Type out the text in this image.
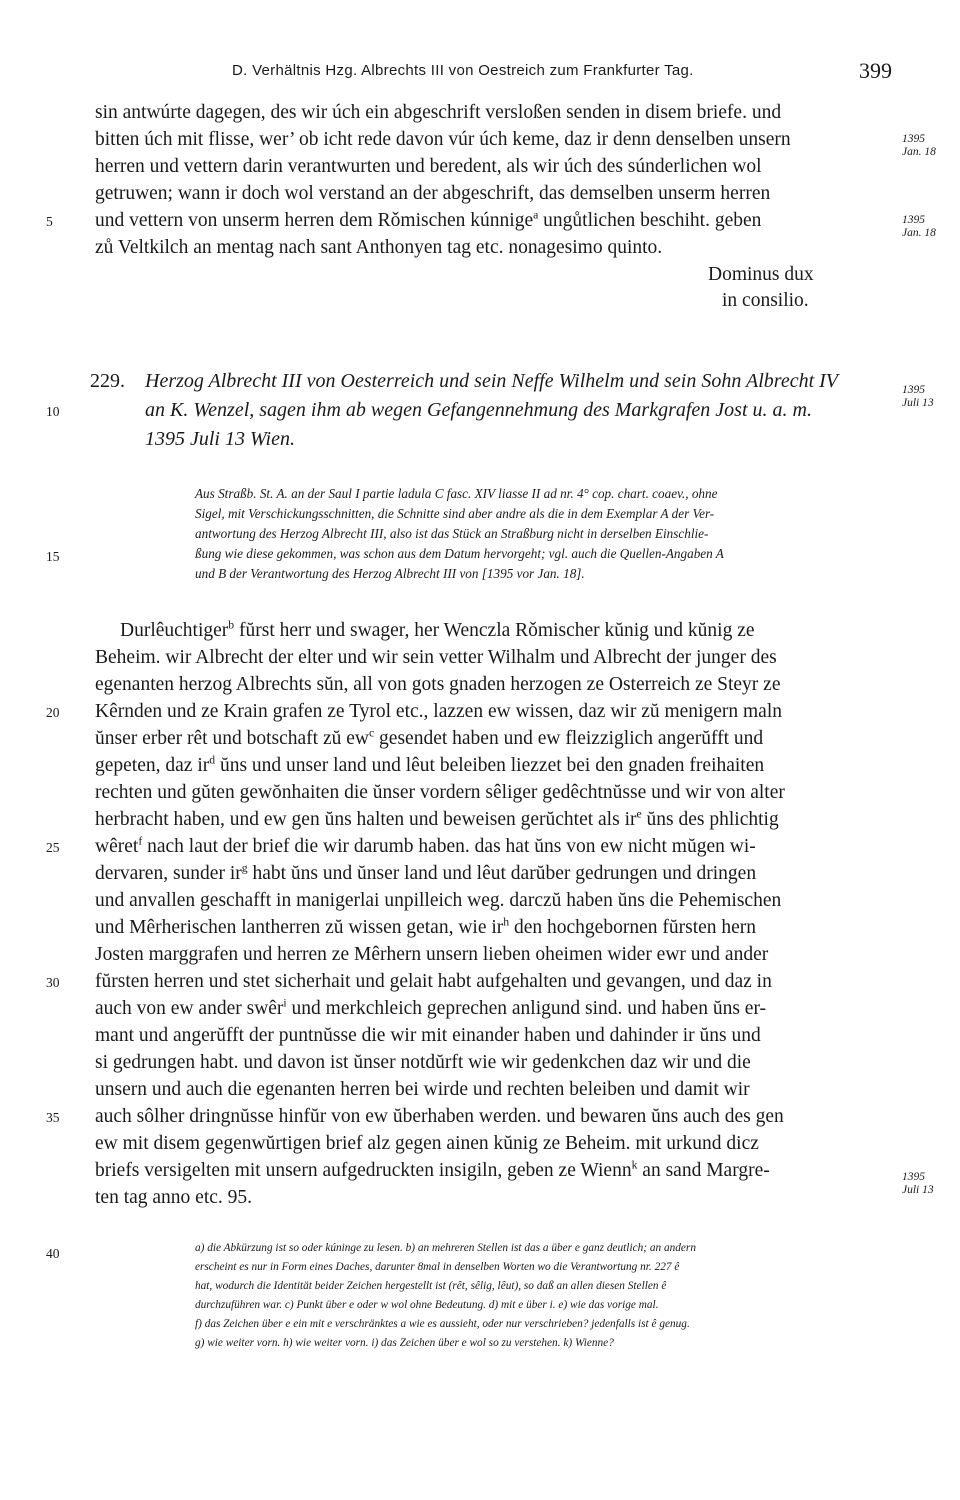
D. Verhältnis Hzg. Albrechts III von Oestreich zum Frankfurter Tag.	399
sin antwúrte dagegen, des wir úch ein abgeschrift versloßen senden in disem briefe. und
bitten úch mit flisse, wer’ ob icht rede davon vúr úch keme, daz ir denn denselben unsern
herren und vettern darin verantwurten und beredent, als wir úch des súnderlichen wol
getruwen; wann ir doch wol verstand an der abgeschrift, das demselben unserm herren
und vettern von unserm herren dem Rǒmischen kúnnige$^a$ ungůtlichen beschiht. geben
zů Veltkilch an mentag nach sant Anthonyen tag etc. nonagesimo quinto.
Dominus dux
in consilio.
229. Herzog Albrecht III von Oesterreich und sein Neffe Wilhelm und sein Sohn Albrecht IV
an K. Wenzel, sagen ihm ab wegen Gefangennehmung des Markgrafen Jost u. a. m.
1395 Juli 13 Wien.
Aus Straßb. St. A. an der Saul I partie ladula C fasc. XIV liasse II ad nr. 4° cop. chart. coaev., ohne
Sigel, mit Verschickungsschnitten, die Schnitte sind aber andre als die in dem Exemplar A der Ver-
antwortung des Herzog Albrecht III, also ist das Stück an Straßburg nicht in derselben Einschlie-
ßung wie diese gekommen, was schon aus dem Datum hervorgeht; vgl. auch die Quellen-Angaben A
und B der Verantwortung des Herzog Albrecht III von [1395 vor Jan. 18].
Durlêuchtiger$^b$ fŭrst herr und swager, her Wenczla Rǒmischer kŭnig und kŭnig ze
Beheim. wir Albrecht der elter und wir sein vetter Wilhalm und Albrecht der junger des
egenanten herzog Albrechts sŭn, all von gots gnaden herzogen ze Osterreich ze Steyr ze
Kêrnden und ze Krain grafen ze Tyrol etc., lazzen ew wissen, daz wir zŭ menigern maln
ŭnser erber rêt und botschaft zŭ $ew^c$ gesendet haben und ew fleizziglich angerŭfft und
gepeten, daz $ir^d$ ŭns und unser land und lêut beleiben liezzet bei den gnaden freihaiten
rechten und gŭten gewŏnhaiten die ŭnser vordern sêliger gedêchtnŭsse und wir von alter
herbracht haben, und ew gen ŭns halten und beweisen gerŭchtet als $ir^e$ ŭns des phlichtig
wêret$^f$ nach laut der brief die wir darumb haben. das hat ŭns von ew nicht mŭgen wi-
dervaren, sunder $ir^g$ habt ŭns und ŭnser land und lêut darŭber gedrungen und dringen
und anvallen geschafft in manigerlai unpilleich weg. darczŭ haben ŭns die Pehemischen
und Mêrherischen lantherren zŭ wissen getan, wie $ir^h$ den hochgebornen fŭrsten hern
Josten marggrafen und herren ze Mêrhern unsern lieben oheimen wider ewr und ander
fŭrsten herren und stet sicherhait und gelait habt aufgehalten und gevangen, und daz in
auch von ew ander swêr$^i$ und merkchleich geprechen anligund sind. und haben ŭns er-
mant und angerŭfft der puntnŭsse die wir mit einander haben und dahinder ir ŭns und
si gedrungen habt. und davon ist ŭnser notdŭrft wie wir gedenkchen daz wir und die
unsern und auch die egenanten herren bei wirde und rechten beleiben und damit wir
auch sôlher dringnŭsse hinfŭr von ew ŭberhaben werden. und bewaren ŭns auch des gen
ew mit disem gegenwŭrtigen brief alz gegen ainen kŭnig ze Beheim. mit urkund dicz
briefs versigelten mit unsern aufgedruckten insigiln, geben ze Wienn$^k$ an sand Margre-
ten tag anno etc. 95.
a) die Abkürzung ist so oder kúninge zu lesen. b) an mehreren Stellen ist das a über e ganz deutlich; an andern
erscheint es nur in Form eines Daches, darunter 8mal in denselben Worten wo die Verantwortung nr. 227 ê
hat, wodurch die Identität beider Zeichen hergestellt ist (rêt, sêlig, lêut), so daß an allen diesen Stellen ê
durchzuführen war. c) Punkt über e oder w wol ohne Bedeutung. d) mit e über i. e) wie das vorige mal.
f) das Zeichen über e ein mit e verschränktes a wie es aussieht, oder nur verschrieben? jedenfalls ist ê genug.
g) wie weiter vorn. h) wie weiter vorn. i) das Zeichen über e wol so zu verstehen. k) Wienne?
1395
Jan. 18
1395
Jan. 18
1395
Juli 13
1395
Juli 13
5
10
15
20
25
30
35
40
